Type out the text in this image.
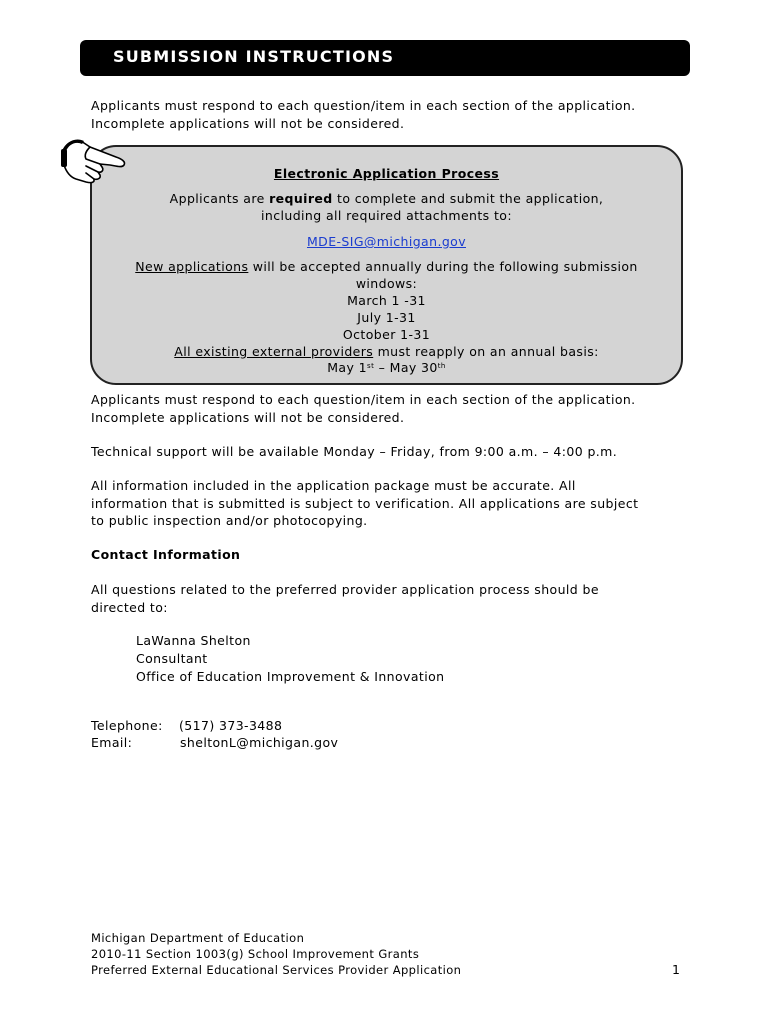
SUBMISSION INSTRUCTIONS

Applicants must respond to each question/item in each section of the application.
Incomplete applications will not be considered.

Electronic Application Process
Applicants are required to complete and submit the application,
including all required attachments to:
MDE-SIG@michigan.gov
New applications will be accepted annually during the following submission
windows:
March 1 -31
July 1-31
October 1-31
All existing external providers must reapply on an annual basis:
May 1st – May 30th

Applicants must respond to each question/item in each section of the application.
Incomplete applications will not be considered.

Technical support will be available Monday – Friday, from 9:00 a.m. – 4:00 p.m.

All information included in the application package must be accurate. All
information that is submitted is subject to verification. All applications are subject
to public inspection and/or photocopying.

Contact Information

All questions related to the preferred provider application process should be
directed to:

LaWanna Shelton
Consultant
Office of Education Improvement & Innovation
Telephone: (517) 373-3488
Email:	sheltonL@michigan.gov
Michigan Department of Education
2010-11 Section 1003(g) School Improvement Grants
Preferred External Educational Services Provider Application	1
